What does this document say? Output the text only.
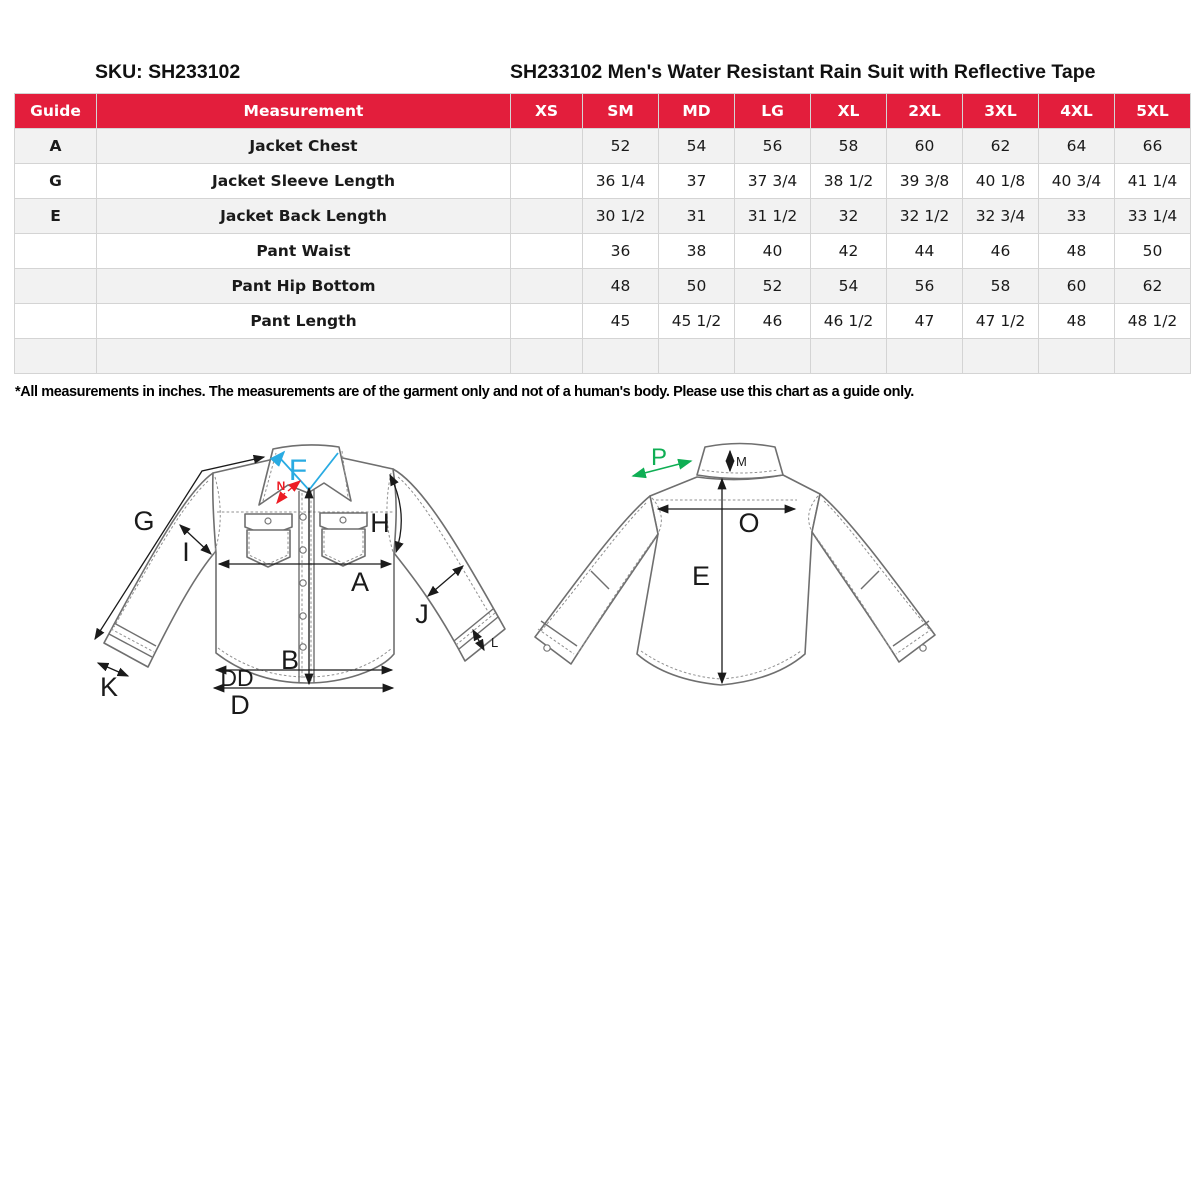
SKU: SH233102	SH233102 Men's Water Resistant Rain Suit with Reflective Tape
Guide	Measurement	XS	SM	MD	LG	XL	2XL	3XL	4XL	5XL
A	Jacket Chest		52	54	56	58	60	62	64	66
G	Jacket Sleeve Length		36 1/4	37	37 3/4	38 1/2	39 3/8	40 1/8	40 3/4	41 1/4
E	Jacket Back Length		30 1/2	31	31 1/2	32	32 1/2	32 3/4	33	33 1/4
	Pant Waist		36	38	40	42	44	46	48	50
	Pant Hip Bottom		48	50	52	54	56	58	60	62
	Pant Length		45	45 1/2	46	46 1/2	47	47 1/2	48	48 1/2

*All measurements in inches. The measurements are of the garment only and not of a human's body. Please use this chart as a guide only.
F
N
G
I
H
A
J
B
K	DD
D
L
P	M
O
E
